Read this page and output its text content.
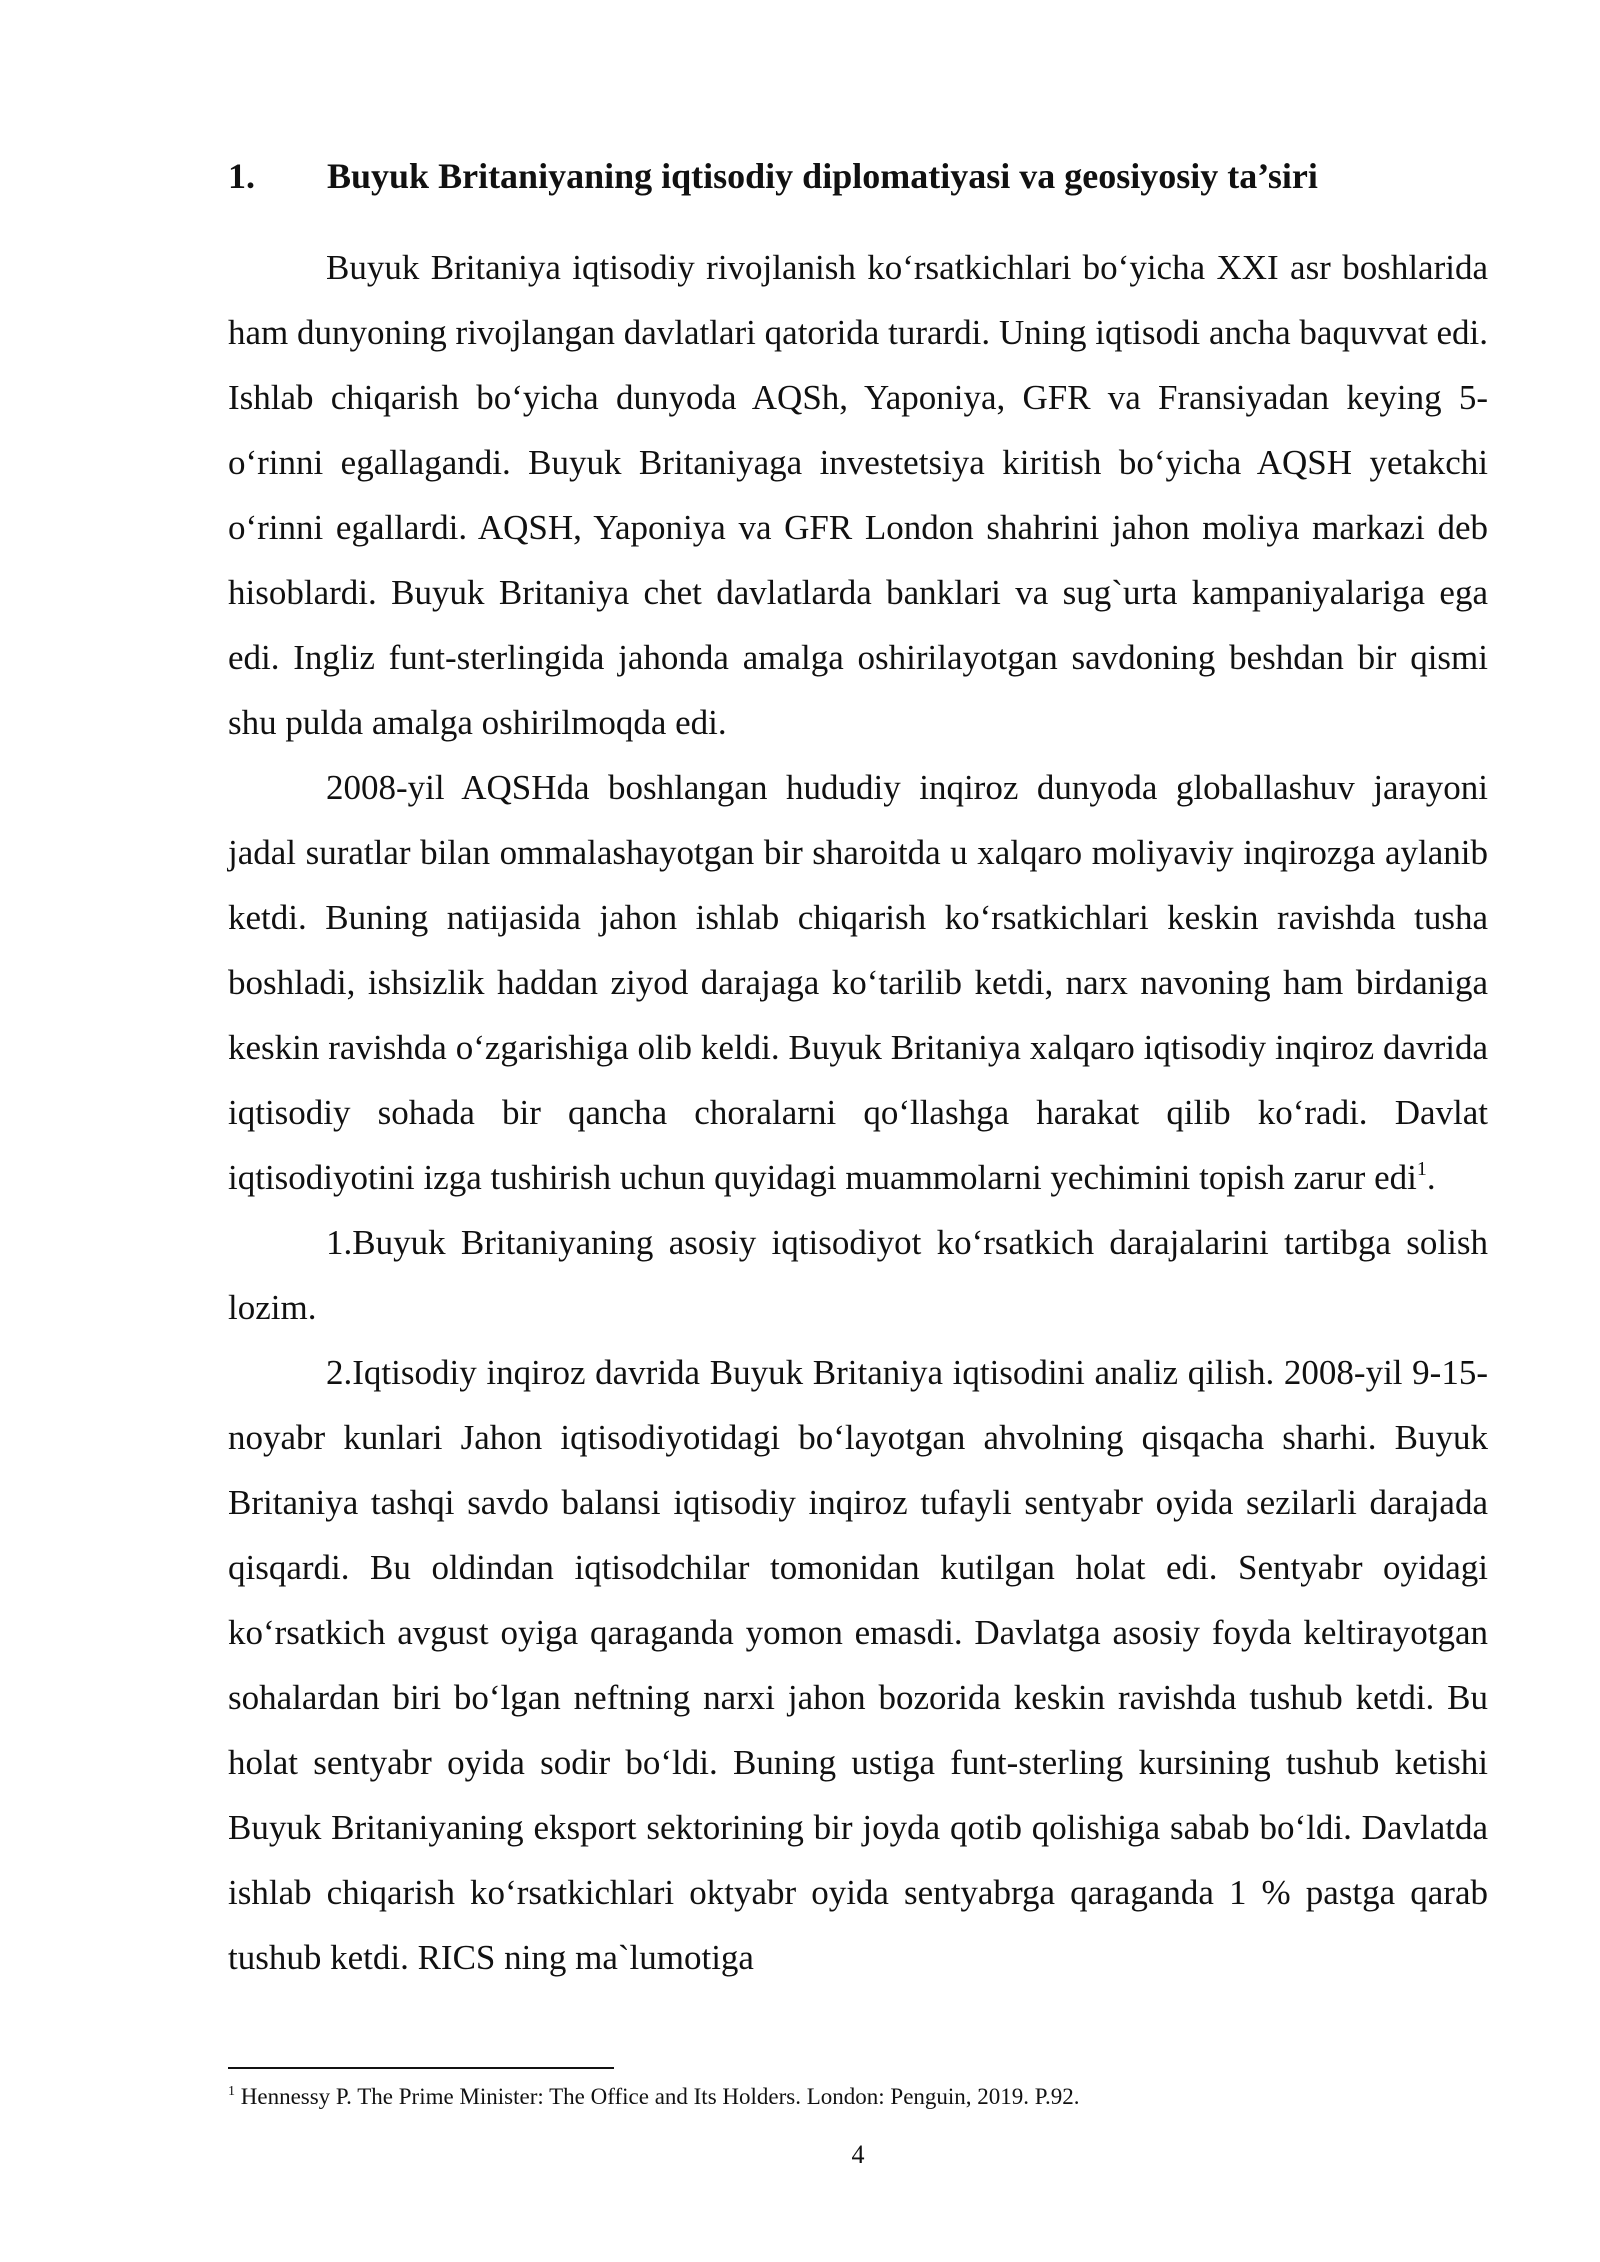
1. Buyuk Britaniyaning iqtisodiy diplomatiyasi va geosiyosiy ta’siri

Buyuk Britaniya iqtisodiy rivojlanish koʻrsatkichlari boʻyicha XXI asr boshlarida ham dunyoning rivojlangan davlatlari qatorida turardi. Uning iqtisodi ancha baquvvat edi. Ishlab chiqarish boʻyicha dunyoda AQSh, Yaponiya, GFR va Fransiyadan keying 5-oʻrinni egallagandi. Buyuk Britaniyaga investetsiya kiritish boʻyicha AQSH yetakchi oʻrinni egallardi. AQSH, Yaponiya va GFR London shahrini jahon moliya markazi deb hisoblardi. Buyuk Britaniya chet davlatlarda banklari va sug`urta kampaniyalariga ega edi. Ingliz funt-sterlingida jahonda amalga oshirilayotgan savdoning beshdan bir qismi shu pulda amalga oshirilmoqda edi.

2008-yil AQSHda boshlangan hududiy inqiroz dunyoda globallashuv jarayoni jadal suratlar bilan ommalashayotgan bir sharoitda u xalqaro moliyaviy inqirozga aylanib ketdi. Buning natijasida jahon ishlab chiqarish koʻrsatkichlari keskin ravishda tusha boshladi, ishsizlik haddan ziyod darajaga koʻtarilib ketdi, narx navoning ham birdaniga keskin ravishda oʻzgarishiga olib keldi. Buyuk Britaniya xalqaro iqtisodiy inqiroz davrida iqtisodiy sohada bir qancha choralarni qoʻllashga harakat qilib koʻradi. Davlat iqtisodiyotini izga tushirish uchun quyidagi muammolarni yechimini topish zarur edi$^1$.

1.Buyuk Britaniyaning asosiy iqtisodiyot koʻrsatkich darajalarini tartibga solish lozim.

2.Iqtisodiy inqiroz davrida Buyuk Britaniya iqtisodini analiz qilish. 2008-yil 9-15-noyabr kunlari Jahon iqtisodiyotidagi boʻlayotgan ahvolning qisqacha sharhi. Buyuk Britaniya tashqi savdo balansi iqtisodiy inqiroz tufayli sentyabr oyida sezilarli darajada qisqardi. Bu oldindan iqtisodchilar tomonidan kutilgan holat edi. Sentyabr oyidagi koʻrsatkich avgust oyiga qaraganda yomon emasdi. Davlatga asosiy foyda keltirayotgan sohalardan biri boʻlgan neftning narxi jahon bozorida keskin ravishda tushub ketdi. Bu holat sentyabr oyida sodir boʻldi. Buning ustiga funt-sterling kursining tushub ketishi Buyuk Britaniyaning eksport sektorining bir joyda qotib qolishiga sabab boʻldi. Davlatda ishlab chiqarish koʻrsatkichlari oktyabr oyida sentyabrga qaraganda 1 % pastga qarab tushub ketdi. RICS ning ma`lumotiga

$^1$ Hennessy P. The Prime Minister: The Office and Its Holders. London: Penguin, 2019. P.92.
4
